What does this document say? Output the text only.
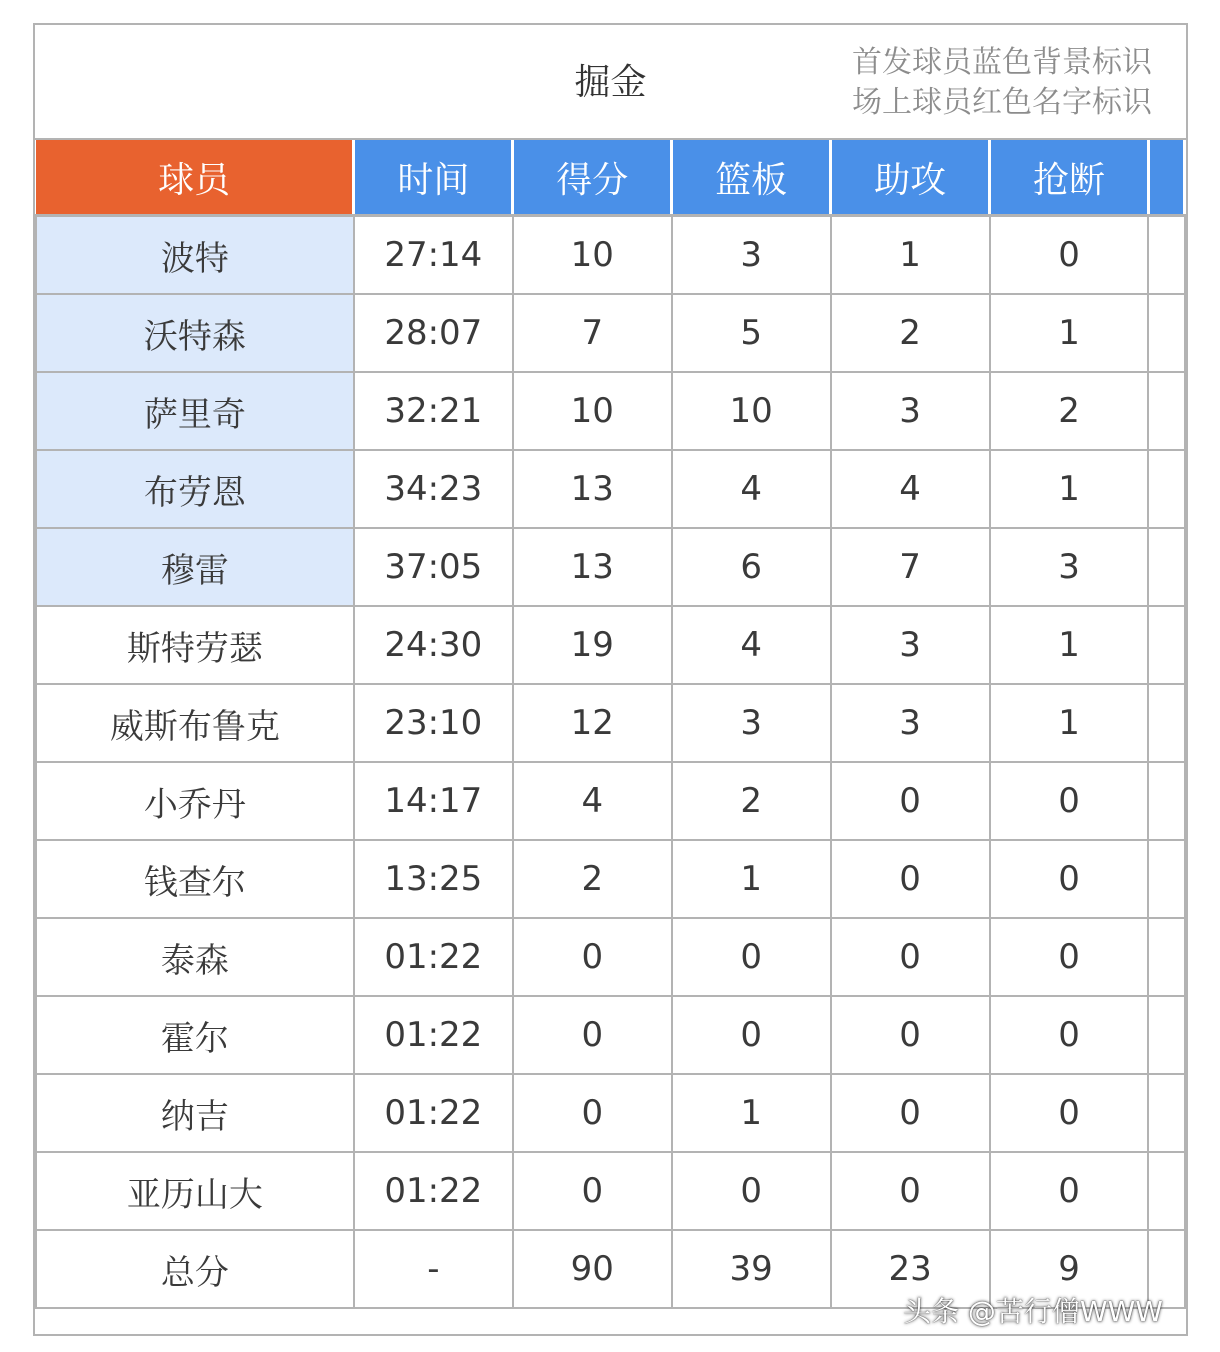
掘金	首发球员蓝色背景标识
场上球员红色名字标识
球员	时间	得分	篮板	助攻	抢断	
波特	27:14	10	3	1	0	
沃特森	28:07	7	5	2	1	
萨里奇	32:21	10	10	3	2	
布劳恩	34:23	13	4	4	1	
穆雷	37:05	13	6	7	3	
斯特劳瑟	24:30	19	4	3	1	
威斯布鲁克	23:10	12	3	3	1	
小乔丹	14:17	4	2	0	0	
钱查尔	13:25	2	1	0	0	
泰森	01:22	0	0	0	0	
霍尔	01:22	0	0	0	0	
纳吉	01:22	0	1	0	0	
亚历山大	01:22	0	0	0	0	
总分	-	90	39	23	9	
头条 @苦行僧WWW
